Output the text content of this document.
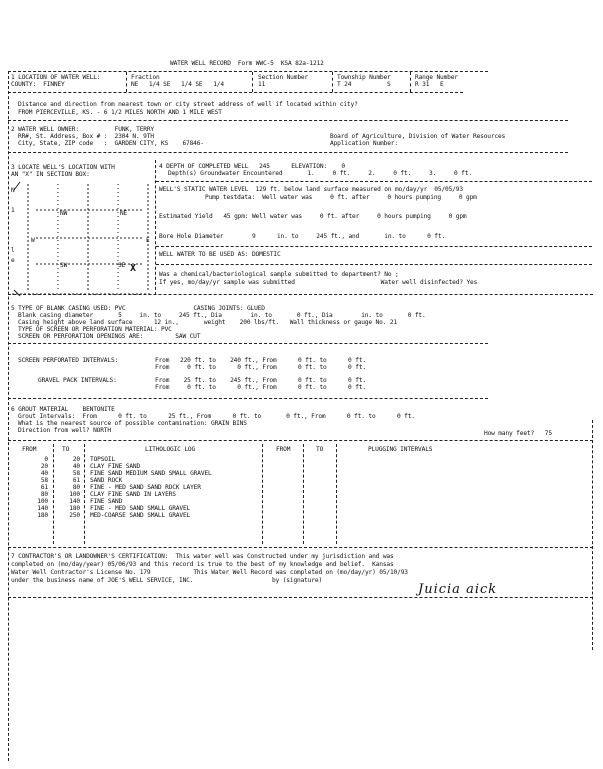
WATER WELL RECORD  Form WWC-5  KSA 82a-1212
1 LOCATION OF WATER WELL:
COUNTY:  FINNEY
Fraction
NE   1/4 SE   1/4 SE   1/4
Section Number
11
Township Number
T 24          S
Range Number
R 31   E
Distance and direction from nearest town or city street address of well if located within city?
FROM PIERCEVILLE, KS. - 6 1/2 MILES NORTH AND 1 MILE WEST
2 WATER WELL OWNER:          FUNK, TERRY
RR#, St. Address, Box # :  2304 N. 9TH
City, State, ZIP code   :  GARDEN CITY, KS    67846-
Board of Agriculture, Division of Water Resources
Application Number:
3 LOCATE WELL'S LOCATION WITH
AN "X" IN SECTION BOX:
N
1
l
e
NW	NE
SW	SE X
W	E
4 DEPTH OF COMPLETED WELL   245      ELEVATION:    0
Depth(s) Groundwater Encountered       1.     0 ft.     2.     0 ft.     3.     0 ft.
WELL'S STATIC WATER LEVEL  129 ft. below land surface measured on mo/day/yr  05/05/93
Pump testdata:  Well water was     0 ft. after     0 hours pumping     0 gpm
Estimated Yield   45 gpm: Well water was     0 ft. after     0 hours pumping     0 gpm
Bore Hole Diameter        9      in. to     245 ft., and       in. to      0 ft.
WELL WATER TO BE USED AS: DOMESTIC
Was a chemical/bacteriological sample submitted to department? No ;
If yes, mo/day/yr sample was submitted                        Water well disinfected? Yes
5 TYPE OF BLANK CASING USED: PVC                   CASING JOINTS: GLUED
Blank casing diameter       5     in. to     245 ft., Dia        in. to       0 ft., Dia        in. to       0 ft.
Casing height above land surface      12 in.,       weight    200 lbs/ft.   Wall thickness or gauge No. 21
TYPE OF SCREEN OR PERFORATION MATERIAL: PVC
SCREEN OR PERFORATION OPENINGS ARE:         SAW CUT
SCREEN PERFORATED INTERVALS:	From   220 ft. to    240 ft., From      0 ft. to      0 ft.
From     0 ft. to      0 ft., From      0 ft. to      0 ft.
GRAVEL PACK INTERVALS:	From    25 ft. to    245 ft., From      0 ft. to      0 ft.
From     0 ft. to      0 ft., From      0 ft. to      0 ft.
6 GROUT MATERIAL    BENTONITE
Grout Intervals:  From      0 ft. to      25 ft., From      0 ft. to       0 ft., From      0 ft. to      0 ft.
What is the nearest source of possible contamination: GRAIN BINS
Direction from well? NORTH	How many feet?   75
FROM	TO	LITHOLOGIC LOG	FROM	TO	PLUGGING INTERVALS
0	20 TOPSOIL
20	40 CLAY FINE SAND
40	58 FINE SAND MEDIUM SAND SMALL GRAVEL
58	61 SAND ROCK
61	80 FINE - MED SAND SAND ROCK LAYER
80	100 CLAY FINE SAND IN LAYERS
100	140 FINE SAND
140	180 FINE - MED SAND SMALL GRAVEL
180	250 MED-COARSE SAND SMALL GRAVEL
7 CONTRACTOR'S OR LANDOWNER'S CERTIFICATION:  This water well was Constructed under my jurisdiction and was
completed on (mo/day/year) 05/06/93 and this record is true to the best of my knowledge and belief.  Kansas
Water Well Contractor's License No. 179            This Water Well Record was completed on (mo/day/yr) 05/10/93
under the business name of JOE'S WELL SERVICE, INC.                      by (signature)
Juicia aick
